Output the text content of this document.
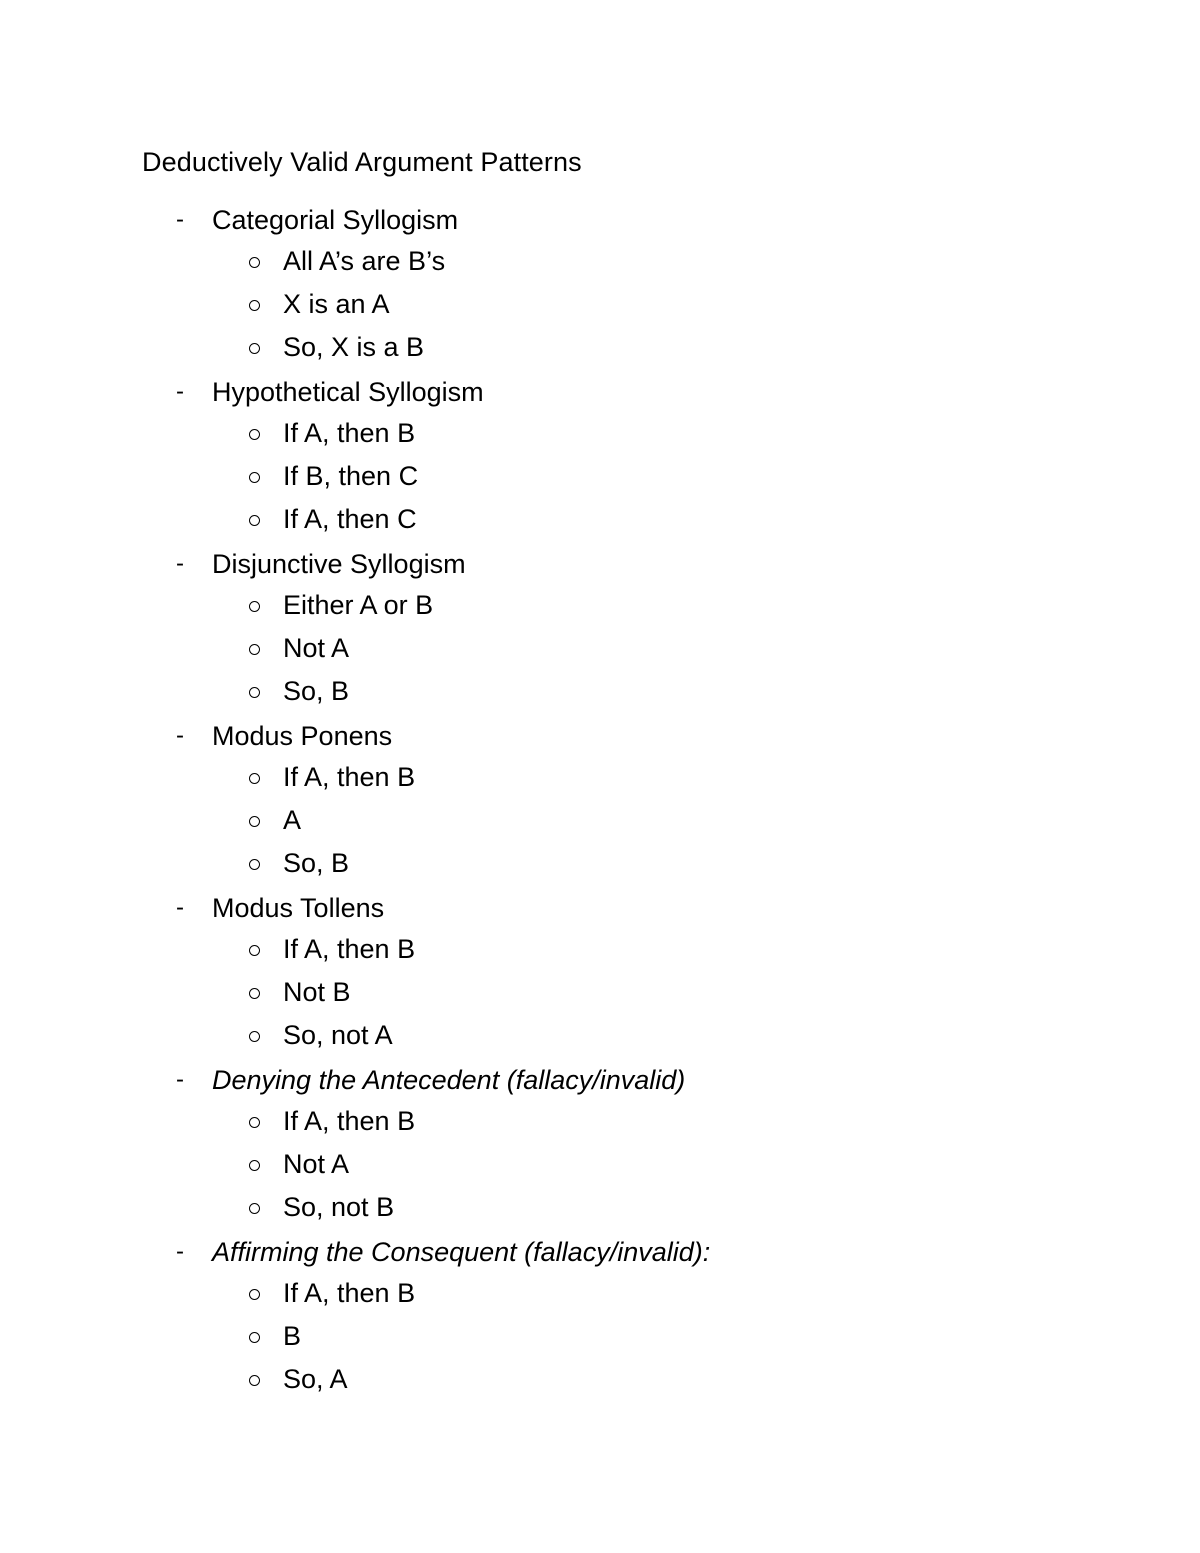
Deductively Valid Argument Patterns
- Categorial Syllogism
All A’s are B’s
X is an A
So, X is a B
- Hypothetical Syllogism
If A, then B
If B, then C
If A, then C
- Disjunctive Syllogism
Either A or B
Not A
So, B
- Modus Ponens
If A, then B
A
So, B
- Modus Tollens
If A, then B
Not B
So, not A
- Denying the Antecedent (fallacy/invalid)
If A, then B
Not A
So, not B
- Affirming the Consequent (fallacy/invalid):
If A, then B
B
So, A
